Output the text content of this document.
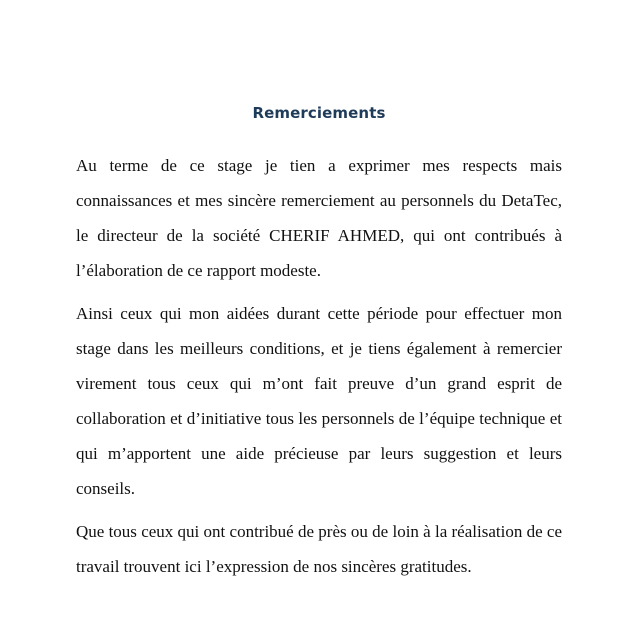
Remerciements

Au terme de ce stage je tien a exprimer mes respects mais connaissances et mes sincère remerciement au personnels du DetaTec, le directeur de la société CHERIF AHMED, qui ont contribués à l’élaboration de ce rapport modeste.

Ainsi ceux qui mon aidées durant cette période pour effectuer mon stage dans les meilleurs conditions, et je tiens également à remercier virement tous ceux qui m’ont fait preuve d’un grand esprit de collaboration et d’initiative tous les personnels de l’équipe technique et qui m’apportent une aide précieuse par leurs suggestion et leurs conseils.

Que tous ceux qui ont contribué de près ou de loin à la réalisation de ce travail trouvent ici l’expression de nos sincères gratitudes.
